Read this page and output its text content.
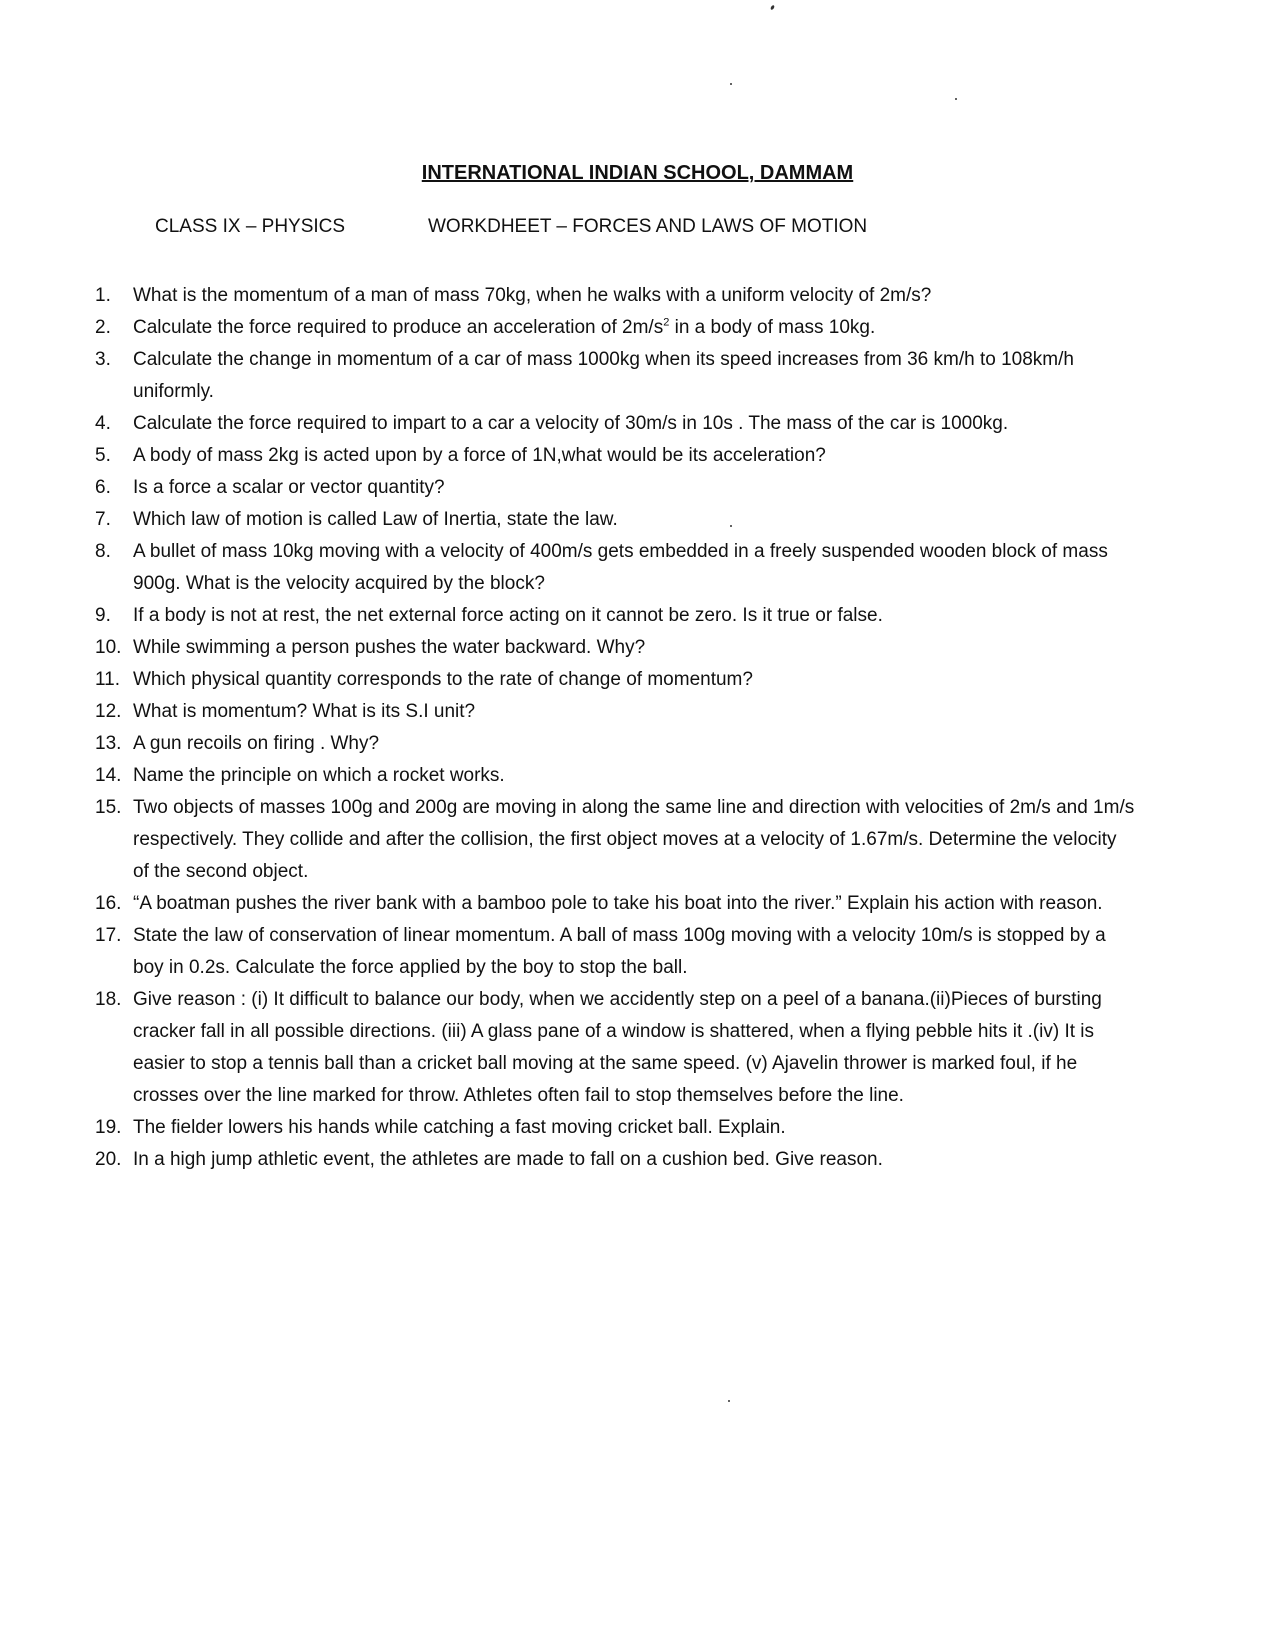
INTERNATIONAL INDIAN SCHOOL, DAMMAM
CLASS IX – PHYSICS	WORKDHEET – FORCES AND LAWS OF MOTION
1.	What is the momentum of a man of mass 70kg, when he walks with a uniform velocity of 2m/s?
2.	Calculate the force required to produce an acceleration of $2m/s^2$ in a body of mass 10kg.
3.	Calculate the change in momentum of a car of mass 1000kg when its speed increases from 36 km/h to 108km/h uniformly.
4.	Calculate the force required to impart to a car a velocity of 30m/s in 10s . The mass of the car is 1000kg.
5.	A body of mass 2kg is acted upon by a force of 1N,what would be its acceleration?
6.	Is a force a scalar or vector quantity?
7.	Which law of motion is called Law of Inertia, state the law.
8.	A bullet of mass 10kg moving with a velocity of 400m/s gets embedded in a freely suspended wooden block of mass 900g. What is the velocity acquired by the block?
9.	If a body is not at rest, the net external force acting on it cannot be zero. Is it true or false.
10. While swimming a person pushes the water backward. Why?
11. Which physical quantity corresponds to the rate of change of momentum?
12. What is momentum? What is its S.I unit?
13. A gun recoils on firing . Why?
14. Name the principle on which a rocket works.
15. Two objects of masses 100g and 200g are moving in along the same line and direction with velocities of 2m/s and 1m/s respectively. They collide and after the collision, the first object moves at a velocity of 1.67m/s. Determine the velocity of the second object.
16. “A boatman pushes the river bank with a bamboo pole to take his boat into the river.” Explain his action with reason.
17. State the law of conservation of linear momentum. A ball of mass 100g moving with a velocity 10m/s is stopped by a boy in 0.2s. Calculate the force applied by the boy to stop the ball.
18. Give reason : (i) It difficult to balance our body, when we accidently step on a peel of a banana.(ii)Pieces of bursting cracker fall in all possible directions. (iii) A glass pane of a window is shattered, when a flying pebble hits it .(iv) It is easier to stop a tennis ball than a cricket ball moving at the same speed. (v) Ajavelin thrower is marked foul, if he crosses over the line marked for throw. Athletes often fail to stop themselves before the line.
19. The fielder lowers his hands while catching a fast moving cricket ball. Explain.
20. In a high jump athletic event, the athletes are made to fall on a cushion bed. Give reason.
